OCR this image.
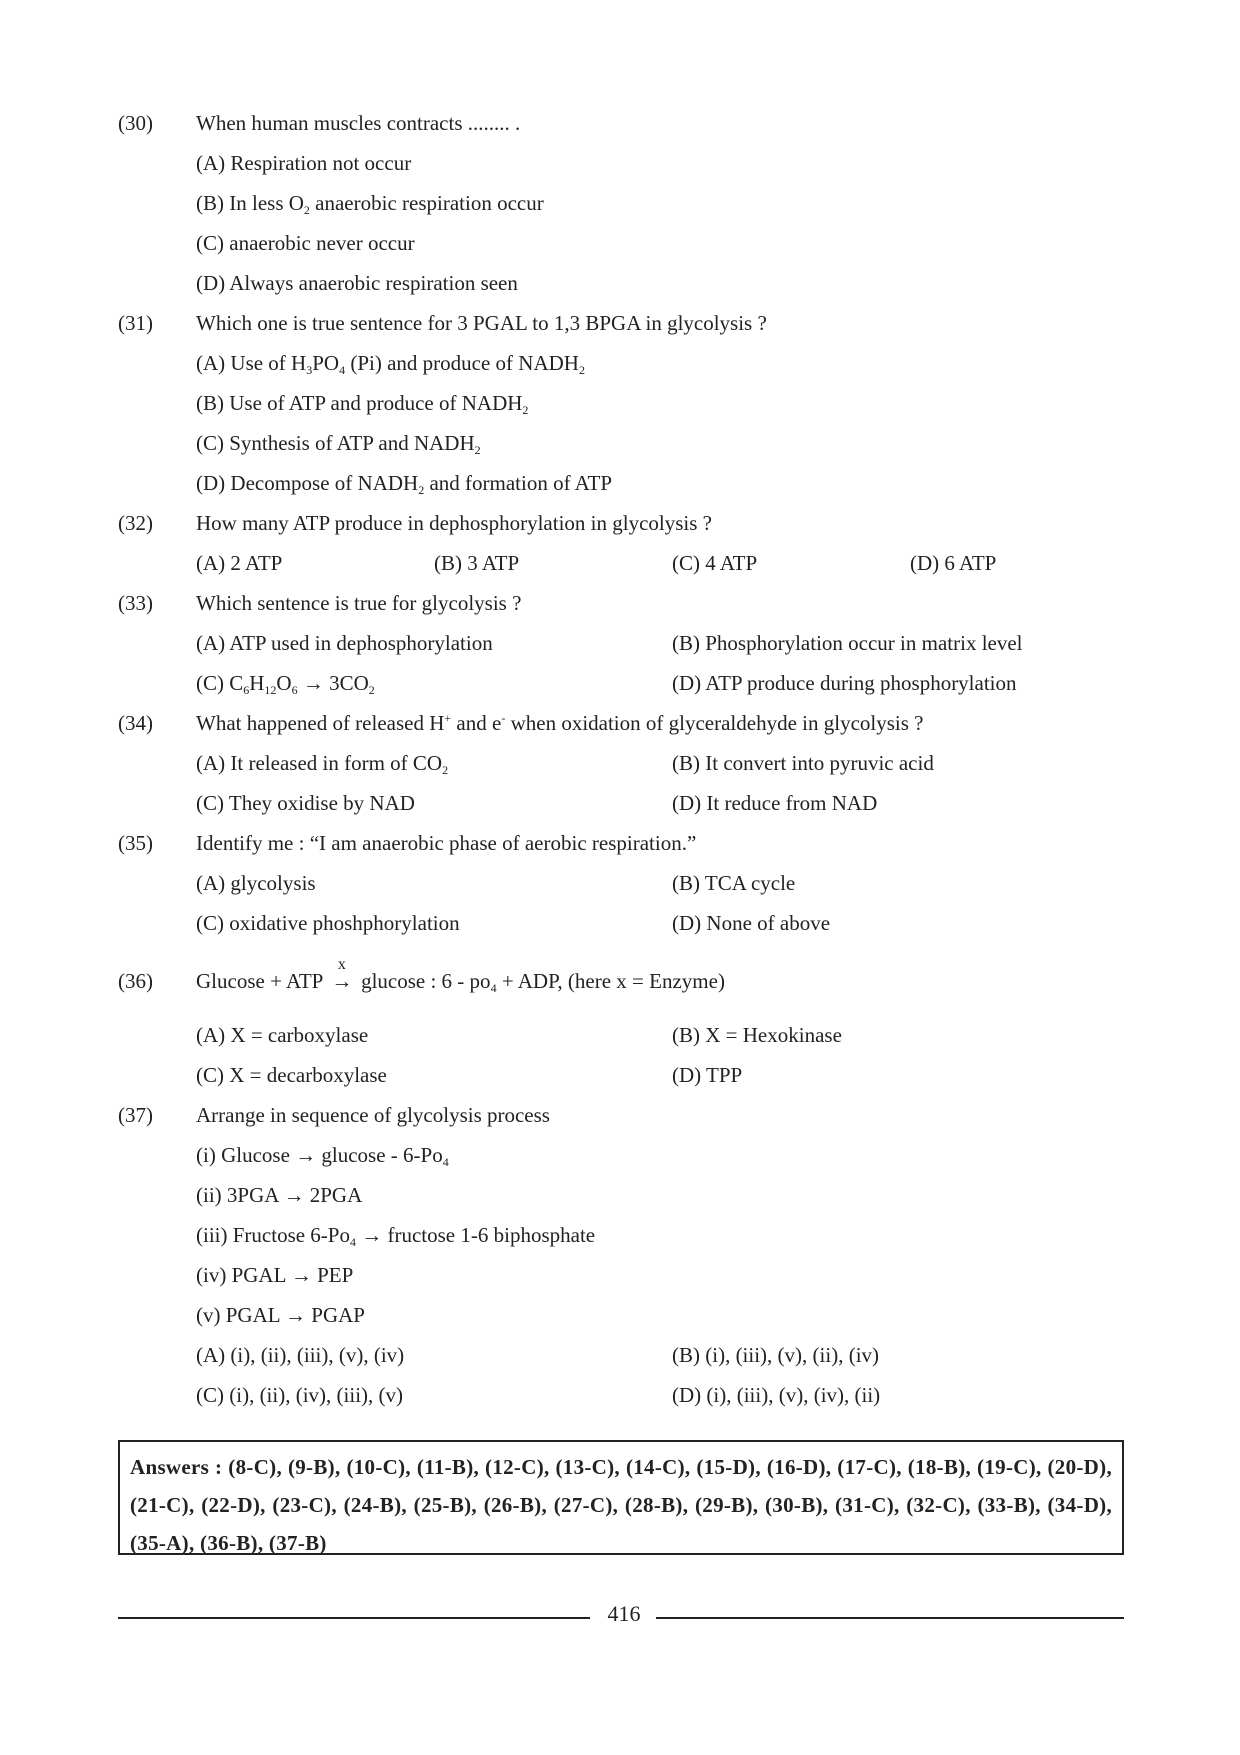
(30) When human muscles contracts ........ .
(A) Respiration not occur
(B) In less $O_2$ anaerobic respiration occur
(C) anaerobic never occur
(D) Always anaerobic respiration seen
(31) Which one is true sentence for 3 PGAL to 1,3 BPGA in glycolysis ?
(A) Use of $H_3PO_4$ (Pi) and produce of $NADH_2$
(B) Use of ATP and produce of $NADH_2$
(C) Synthesis of ATP and $NADH_2$
(D) Decompose of $NADH_2$ and formation of ATP
(32) How many ATP produce in dephosphorylation in glycolysis ?
(A) 2 ATP	(B) 3 ATP	(C) 4 ATP	(D) 6 ATP
(33) Which sentence is true for glycolysis ?
(A) ATP used in dephosphorylation	(B) Phosphorylation occur in matrix level
(C) $C_6H_{12}O_6 \to 3CO_2$	(D) ATP produce during phosphorylation
(34) What happened of released H+ and e- when oxidation of glyceraldehyde in glycolysis ?
(A) It released in form of $CO_2$	(B) It convert into pyruvic acid
(C) They oxidise by NAD	(D) It reduce from NAD
(35) Identify me : “I am anaerobic phase of aerobic respiration.”
(A) glycolysis	(B) TCA cycle
(C) oxidative phoshphorylation	(D) None of above
(36) Glucose + ATP
x
→ glucose : $6 - po_4$ + ADP, (here x = Enzyme)
(A) X = carboxylase	(B) X = Hexokinase
(C) X = decarboxylase	(D) TPP
(37) Arrange in sequence of glycolysis process
(i) $Glucose \to glucose - 6-Po_4$
(ii) 3PGA → 2PGA
(iii) Fructose $6-Po_4$ → fructose 1-6 biphosphate
(iv) PGAL → PEP
(v) PGAL → PGAP
(A) (i), (ii), (iii), (v), (iv)	(B) (i), (iii), (v), (ii), (iv)
(C) (i), (ii), (iv), (iii), (v)	(D) (i), (iii), (v), (iv), (ii)
Answers : (8-C), (9-B), (10-C), (11-B), (12-C), (13-C), (14-C), (15-D), (16-D), (17-C), (18-B), (19-C), (20-D), (21-C), (22-D), (23-C), (24-B), (25-B), (26-B), (27-C), (28-B), (29-B), (30-B), (31-C), (32-C), (33-B), (34-D), (35-A), (36-B), (37-B)
416
